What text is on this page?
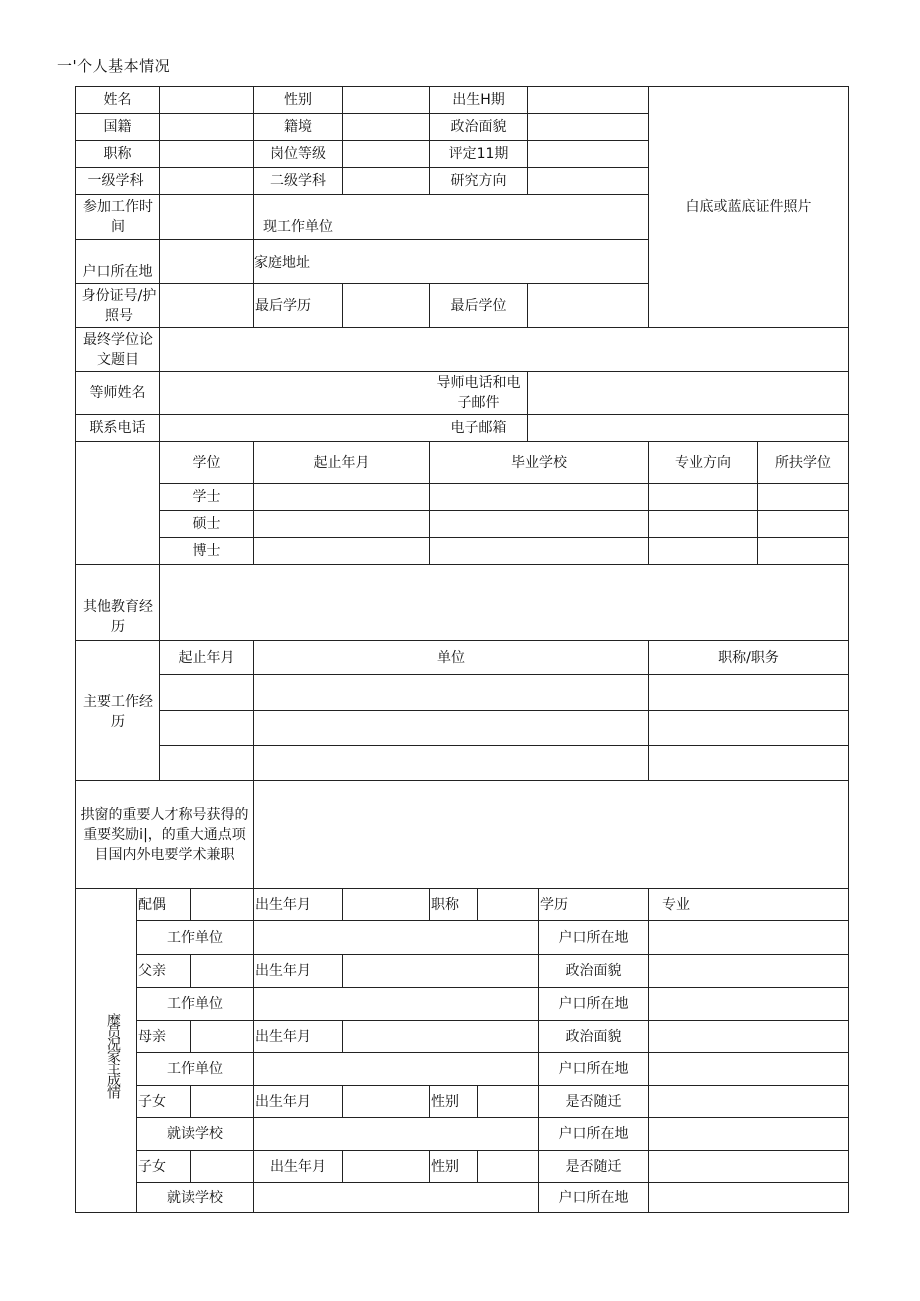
一'个人基本情况
姓名	性别	出生H期
国籍	籍境	政治面貌
职称	岗位等级	评定11期
一级学科	二级学科	研究方向
参加工作时间	现工作单位
户口所在地
家庭地址
身份证号/护照号
最后学历	最后学位
白底或蓝底证件照片
最终学位论文题目
等师姓名
导师电话和电子邮件
联系电话	电子邮箱
学位	起止年月	毕业学校	专业方向	所扶学位
学士
硕士
博士
其他教育经历
主要工作经历
起止年月	单位	职称/职务
拱窗的重要人才称号获得的重要奖励i|，的重大通点项目国内外电要学术兼职
糜员况家主成情
配偶	出生年月	职称	学历	专业
工作单位	户口所在地
父亲	出生年月	政治面貌
工作单位	户口所在地
母亲	出生年月	政治面貌
工作单位	户口所在地
子女	出生年月	性别	是否随迁
就读学校	户口所在地
子女	出生年月	性别	是否随迁
就读学校	户口所在地
